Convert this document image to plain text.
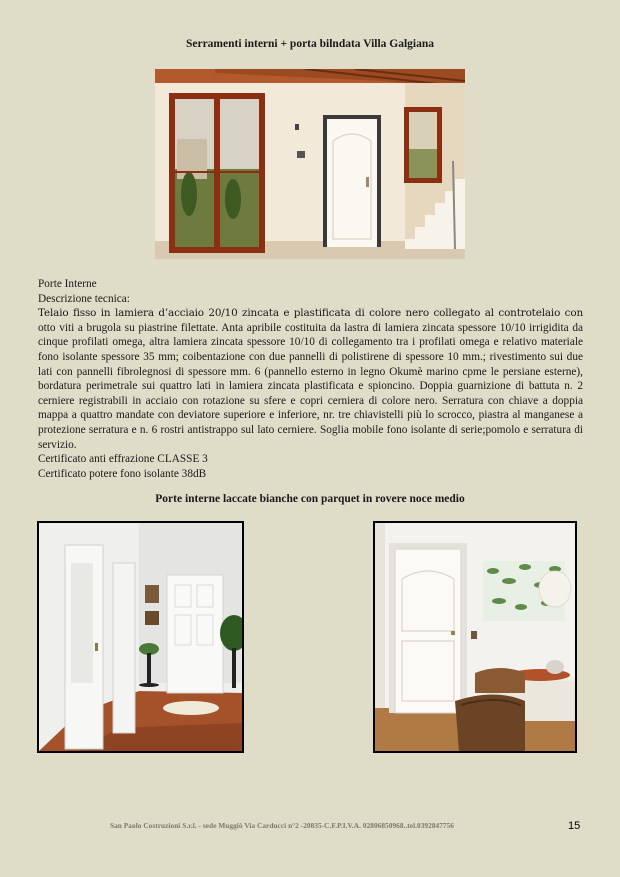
Serramenti interni + porta bilndata Villa Galgiana

Porte Interne

Descrizione tecnica:

Telaio fisso in lamiera d’acciaio 20/10 zincata e plastificata di colore nero collegato al controtelaio con otto viti a brugola su piastrine filettate. Anta apribile costituita da lastra di lamiera zincata spessore 10/10 irrigidita da cinque profilati omega, altra lamiera zincata spessore 10/10 di collegamento tra i profilati omega e relativo materiale fono isolante spessore 35 mm; coibentazione con due pannelli di polistirene di spessore 10 mm.; rivestimento sui due lati con pannelli fibrolegnosi di spessore mm. 6 (pannello esterno in legno Okumè marino cpme le persiane esterne), bordatura perimetrale sui quattro lati in lamiera zincata plastificata e spioncino. Doppia guarnizione di battuta n. 2 cerniere registrabili in acciaio con rotazione su sfere e copri cerniera di colore nero. Serratura con chiave a doppia mappa a quattro mandate con deviatore superiore e inferiore, nr. tre chiavistelli più lo scrocco, piastra al manganese a protezione serratura e n. 6 rostri antistrappo sul lato cerniere. Soglia mobile fono isolante di serie;pomolo e serratura di servizio.

Certificato anti effrazione CLASSE 3

Certificato potere fono isolante 38dB

Porte interne laccate bianche con parquet in rovere noce medio
San Paolo Costruzioni S.r.l. - sede Muggiò Via Carducci n°2 -20835-C.F.P.I.V.A. 02806850968..tel.0392847756	15
